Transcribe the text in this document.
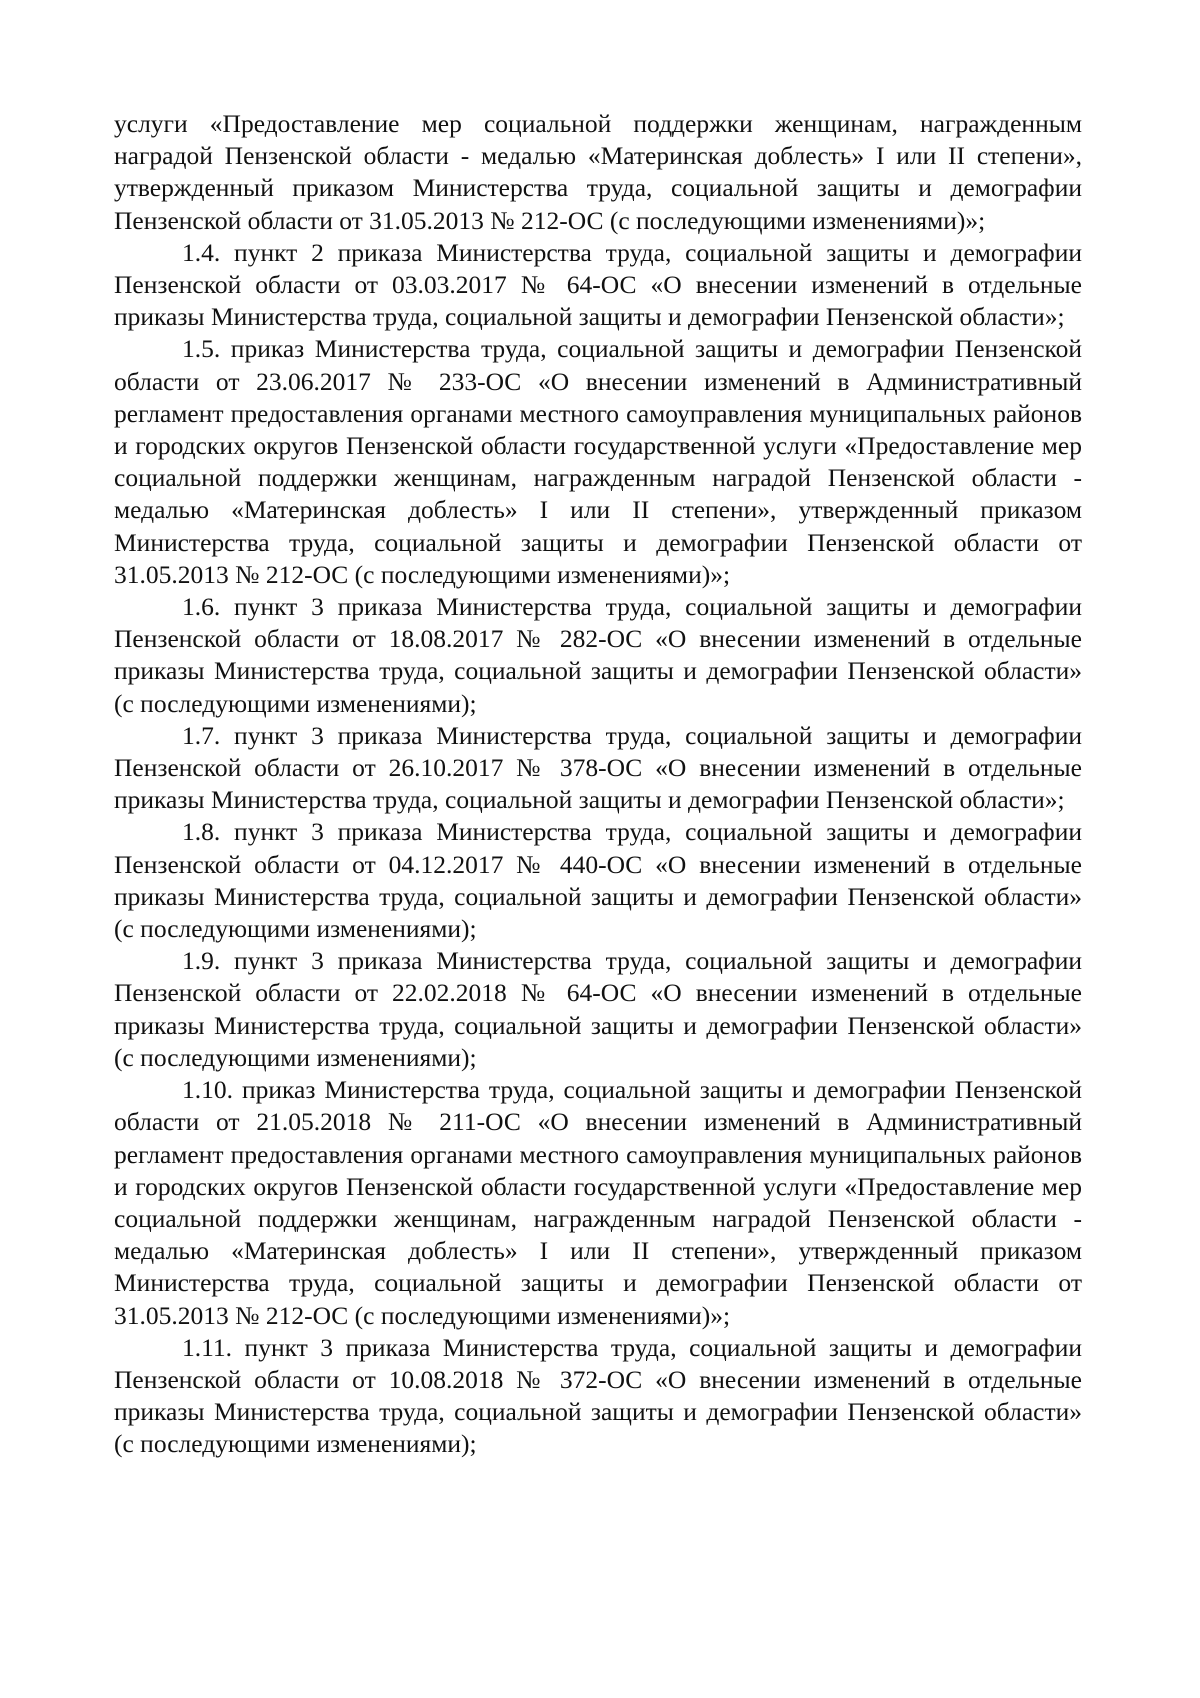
услуги «Предоставление мер социальной поддержки женщинам, награжденным наградой Пензенской области - медалью «Материнская доблесть» I или II степени», утвержденный приказом Министерства труда, социальной защиты и демографии Пензенской области от 31.05.2013 № 212-ОС (с последующими изменениями)»;

1.4. пункт 2 приказа Министерства труда, социальной защиты и демографии Пензенской области от 03.03.2017 № 64-ОС «О внесении изменений в отдельные приказы Министерства труда, социальной защиты и демографии Пензенской области»;

1.5. приказ Министерства труда, социальной защиты и демографии Пензенской области от 23.06.2017 № 233-ОС «О внесении изменений в Административный регламент предоставления органами местного самоуправления муниципальных районов и городских округов Пензенской области государственной услуги «Предоставление мер социальной поддержки женщинам, награжденным наградой Пензенской области - медалью «Материнская доблесть» I или II степени», утвержденный приказом Министерства труда, социальной защиты и демографии Пензенской области от 31.05.2013 № 212-ОС (с последующими изменениями)»;

1.6. пункт 3 приказа Министерства труда, социальной защиты и демографии Пензенской области от 18.08.2017 № 282-ОС «О внесении изменений в отдельные приказы Министерства труда, социальной защиты и демографии Пензенской области» (с последующими изменениями);

1.7. пункт 3 приказа Министерства труда, социальной защиты и демографии Пензенской области от 26.10.2017 № 378-ОС «О внесении изменений в отдельные приказы Министерства труда, социальной защиты и демографии Пензенской области»;

1.8. пункт 3 приказа Министерства труда, социальной защиты и демографии Пензенской области от 04.12.2017 № 440-ОС «О внесении изменений в отдельные приказы Министерства труда, социальной защиты и демографии Пензенской области» (с последующими изменениями);

1.9. пункт 3 приказа Министерства труда, социальной защиты и демографии Пензенской области от 22.02.2018 № 64-ОС «О внесении изменений в отдельные приказы Министерства труда, социальной защиты и демографии Пензенской области» (с последующими изменениями);

1.10. приказ Министерства труда, социальной защиты и демографии Пензенской области от 21.05.2018 № 211-ОС «О внесении изменений в Административный регламент предоставления органами местного самоуправления муниципальных районов и городских округов Пензенской области государственной услуги «Предоставление мер социальной поддержки женщинам, награжденным наградой Пензенской области - медалью «Материнская доблесть» I или II степени», утвержденный приказом Министерства труда, социальной защиты и демографии Пензенской области от 31.05.2013 № 212-ОС (с последующими изменениями)»;

1.11. пункт 3 приказа Министерства труда, социальной защиты и демографии Пензенской области от 10.08.2018 № 372-ОС «О внесении изменений в отдельные приказы Министерства труда, социальной защиты и демографии Пензенской области» (с последующими изменениями);
